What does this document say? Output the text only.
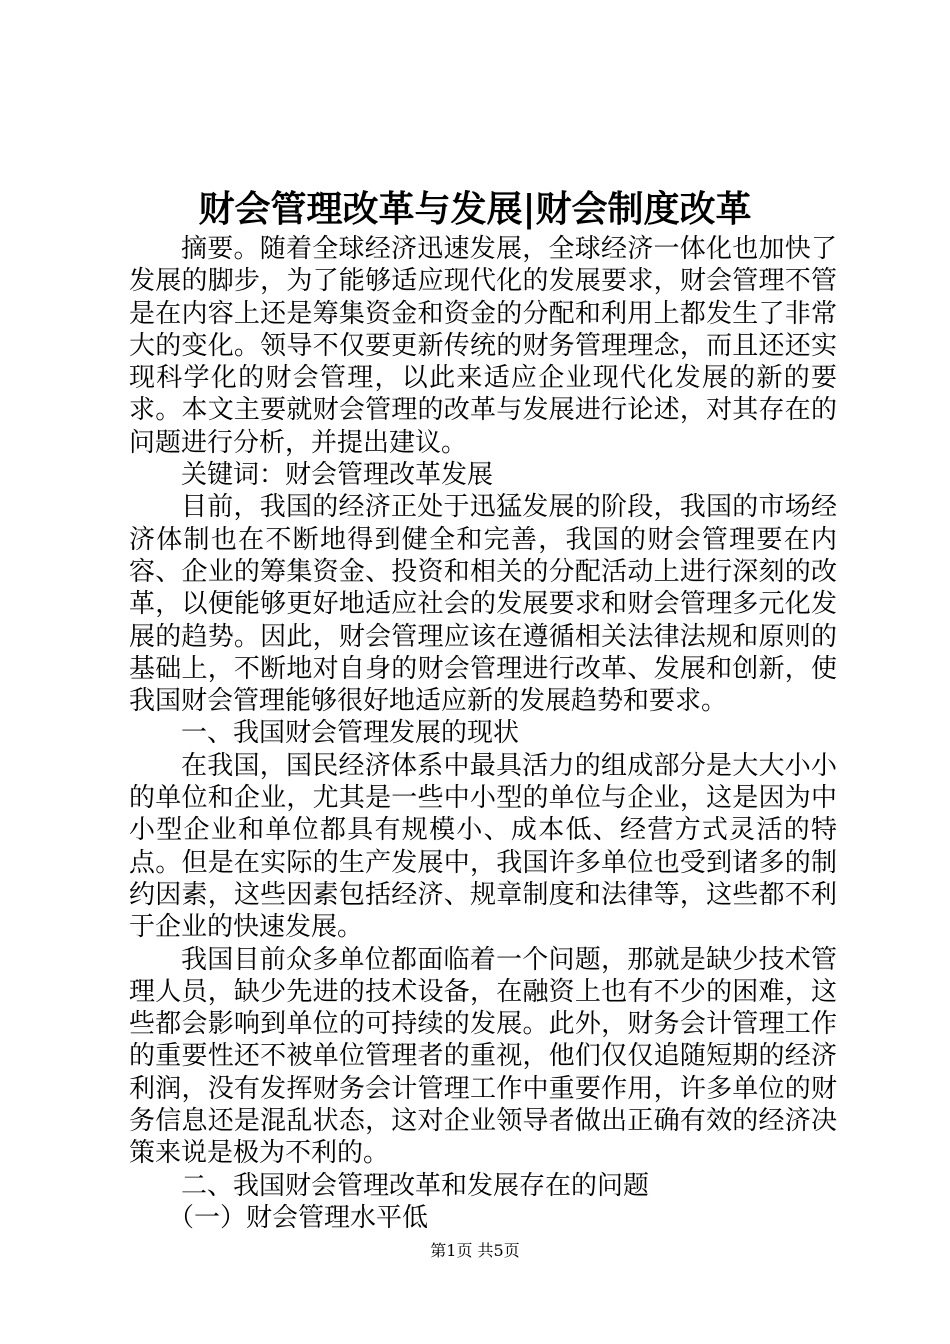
财会管理改革与发展|财会制度改革

摘要。随着全球经济迅速发展，全球经济一体化也加快了发展的脚步，为了能够适应现代化的发展要求，财会管理不管是在内容上还是筹集资金和资金的分配和利用上都发生了非常大的变化。领导不仅要更新传统的财务管理理念，而且还还实现科学化的财会管理，以此来适应企业现代化发展的新的要求。本文主要就财会管理的改革与发展进行论述，对其存在的问题进行分析，并提出建议。

关键词：财会管理改革发展

目前，我国的经济正处于迅猛发展的阶段，我国的市场经济体制也在不断地得到健全和完善，我国的财会管理要在内容、企业的筹集资金、投资和相关的分配活动上进行深刻的改革，以便能够更好地适应社会的发展要求和财会管理多元化发展的趋势。因此，财会管理应该在遵循相关法律法规和原则的基础上，不断地对自身的财会管理进行改革、发展和创新，使我国财会管理能够很好地适应新的发展趋势和要求。

一、我国财会管理发展的现状

在我国，国民经济体系中最具活力的组成部分是大大小小的单位和企业，尤其是一些中小型的单位与企业，这是因为中小型企业和单位都具有规模小、成本低、经营方式灵活的特点。但是在实际的生产发展中，我国许多单位也受到诸多的制约因素，这些因素包括经济、规章制度和法律等，这些都不利于企业的快速发展。

我国目前众多单位都面临着一个问题，那就是缺少技术管理人员，缺少先进的技术设备，在融资上也有不少的困难，这些都会影响到单位的可持续的发展。此外，财务会计管理工作的重要性还不被单位管理者的重视，他们仅仅追随短期的经济利润，没有发挥财务会计管理工作中重要作用，许多单位的财务信息还是混乱状态，这对企业领导者做出正确有效的经济决策来说是极为不利的。

二、我国财会管理改革和发展存在的问题

（一）财会管理水平低

第1页 共5页
